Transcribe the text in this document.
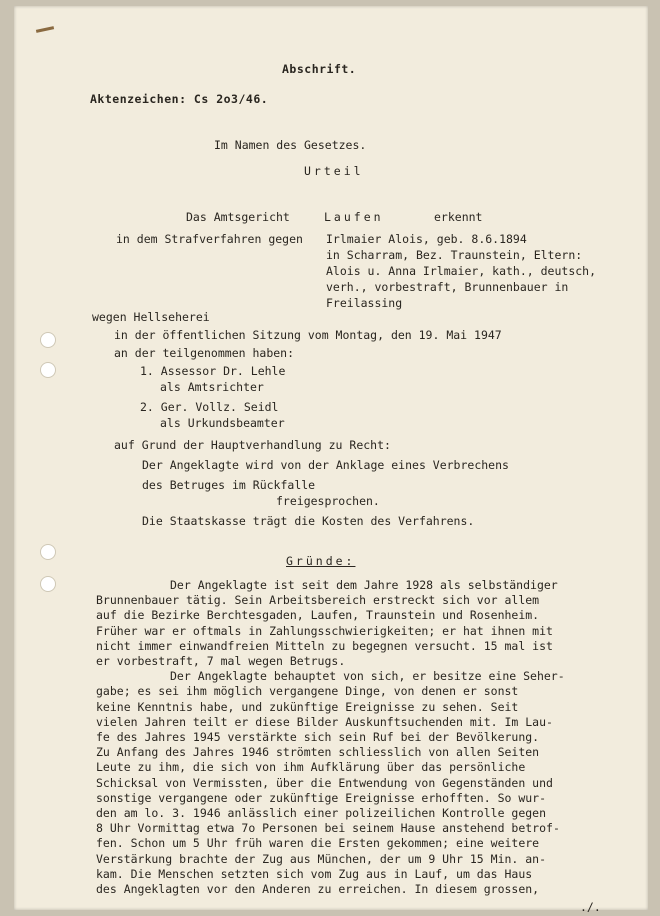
Abschrift.
Aktenzeichen: Cs 2o3/46.
Im Namen des Gesetzes.
Urteil
Das Amtsgericht	Laufen	erkennt
in dem Strafverfahren gegen Irlmaier Alois, geb. 8.6.1894
in Scharram, Bez. Traunstein, Eltern:
Alois u. Anna Irlmaier, kath., deutsch,
verh., vorbestraft, Brunnenbauer in
Freilassing
wegen Hellseherei
in der öffentlichen Sitzung vom Montag, den 19. Mai 1947
an der teilgenommen haben:
1. Assessor Dr. Lehle
als Amtsrichter
2. Ger. Vollz. Seidl
als Urkundsbeamter
auf Grund der Hauptverhandlung zu Recht:
Der Angeklagte wird von der Anklage eines Verbrechens
des Betruges im Rückfalle
freigesprochen.
Die Staatskasse trägt die Kosten des Verfahrens.
Gründe:
Der Angeklagte ist seit dem Jahre 1928 als selbständiger
Brunnenbauer tätig. Sein Arbeitsbereich erstreckt sich vor allem
auf die Bezirke Berchtesgaden, Laufen, Traunstein und Rosenheim.
Früher war er oftmals in Zahlungsschwierigkeiten; er hat ihnen mit
nicht immer einwandfreien Mitteln zu begegnen versucht. 15 mal ist
er vorbestraft, 7 mal wegen Betrugs.
Der Angeklagte behauptet von sich, er besitze eine Seher-
gabe; es sei ihm möglich vergangene Dinge, von denen er sonst
keine Kenntnis habe, und zukünftige Ereignisse zu sehen. Seit
vielen Jahren teilt er diese Bilder Auskunftsuchenden mit. Im Lau-
fe des Jahres 1945 verstärkte sich sein Ruf bei der Bevölkerung.
Zu Anfang des Jahres 1946 strömten schliesslich von allen Seiten
Leute zu ihm, die sich von ihm Aufklärung über das persönliche
Schicksal von Vermissten, über die Entwendung von Gegenständen und
sonstige vergangene oder zukünftige Ereignisse erhofften. So wur-
den am lo. 3. 1946 anlässlich einer polizeilichen Kontrolle gegen
8 Uhr Vormittag etwa 7o Personen bei seinem Hause anstehend betrof-
fen. Schon um 5 Uhr früh waren die Ersten gekommen; eine weitere
Verstärkung brachte der Zug aus München, der um 9 Uhr 15 Min. an-
kam. Die Menschen setzten sich vom Zug aus in Lauf, um das Haus
des Angeklagten vor den Anderen zu erreichen. In diesem grossen,
./.
